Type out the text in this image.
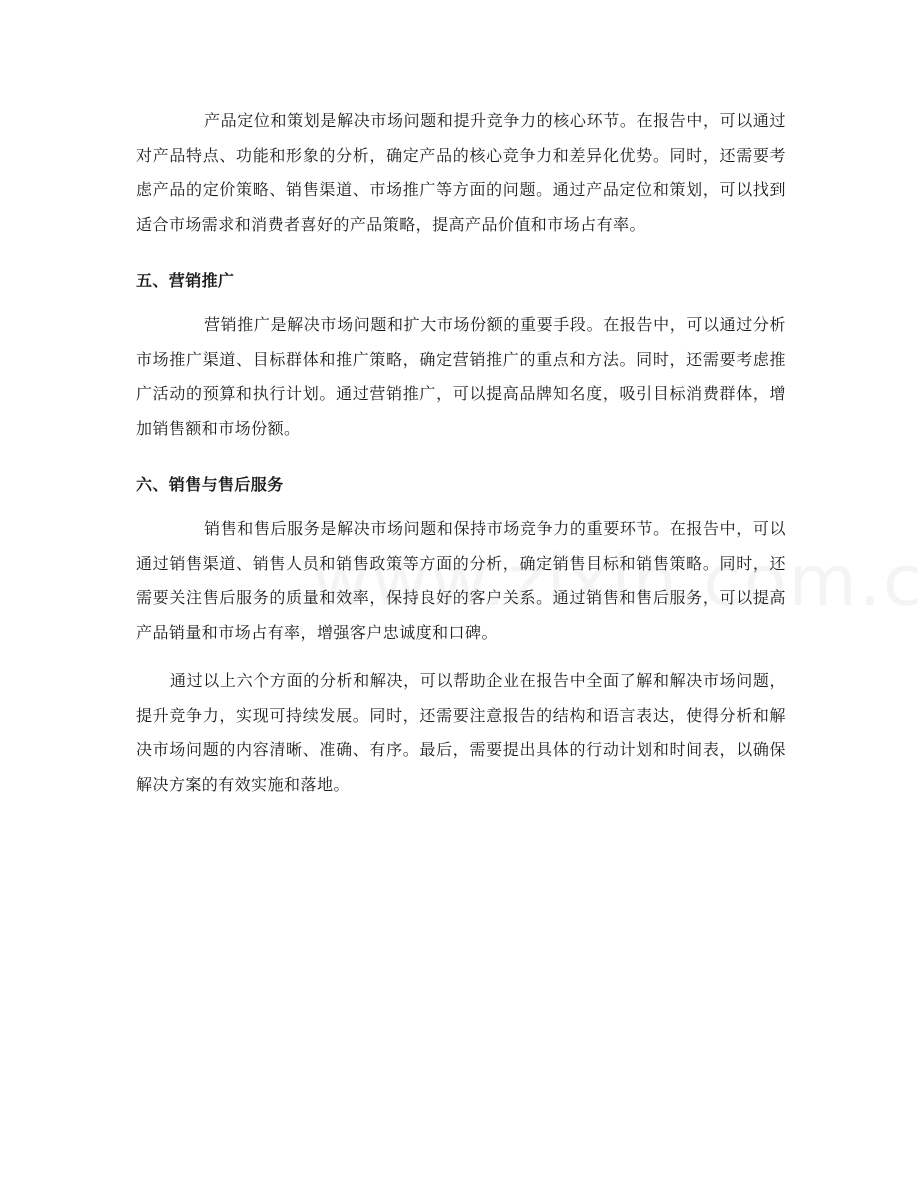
产品定位和策划是解决市场问题和提升竞争力的核心环节。在报告中，可以通过对产品特点、功能和形象的分析，确定产品的核心竞争力和差异化优势。同时，还需要考虑产品的定价策略、销售渠道、市场推广等方面的问题。通过产品定位和策划，可以找到适合市场需求和消费者喜好的产品策略，提高产品价值和市场占有率。

五、营销推广

营销推广是解决市场问题和扩大市场份额的重要手段。在报告中，可以通过分析市场推广渠道、目标群体和推广策略，确定营销推广的重点和方法。同时，还需要考虑推广活动的预算和执行计划。通过营销推广，可以提高品牌知名度，吸引目标消费群体，增加销售额和市场份额。

六、销售与售后服务

销售和售后服务是解决市场问题和保持市场竞争力的重要环节。在报告中，可以通过销售渠道、销售人员和销售政策等方面的分析，确定销售目标和销售策略。同时，还需要关注售后服务的质量和效率，保持良好的客户关系。通过销售和售后服务，可以提高产品销量和市场占有率，增强客户忠诚度和口碑。

通过以上六个方面的分析和解决，可以帮助企业在报告中全面了解和解决市场问题，提升竞争力，实现可持续发展。同时，还需要注意报告的结构和语言表达，使得分析和解决市场问题的内容清晰、准确、有序。最后，需要提出具体的行动计划和时间表，以确保解决方案的有效实施和落地。
